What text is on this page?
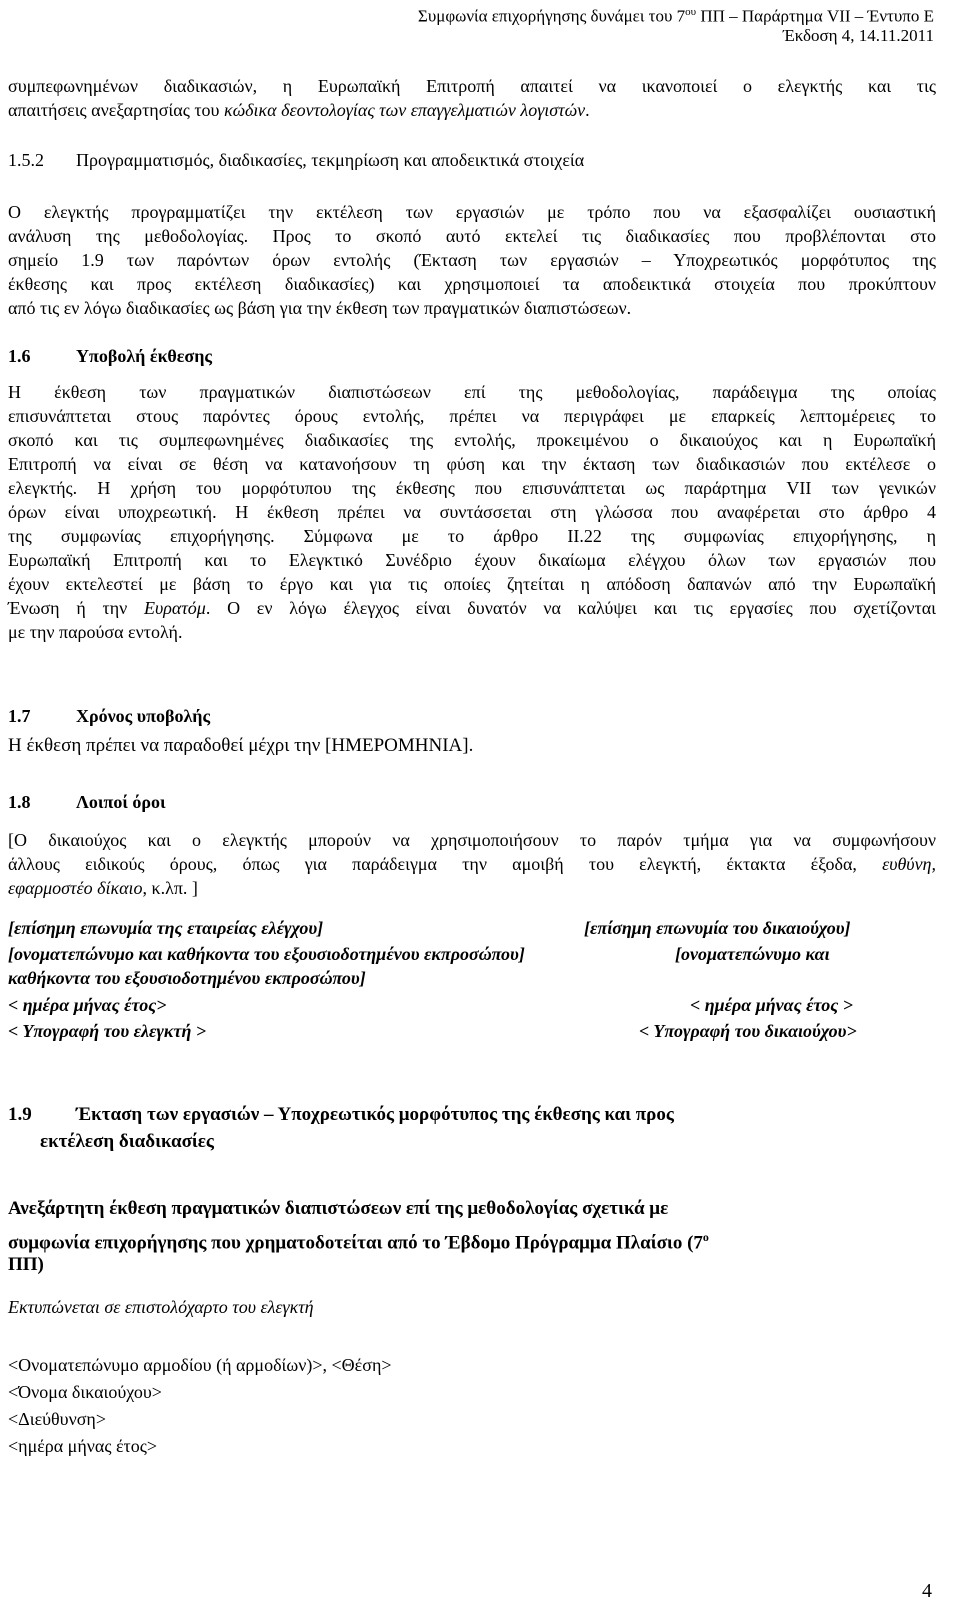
Συμφωνία επιχορήγησης δυνάμει του $7^{o\upsilon}$ ΠΠ – Παράρτημα VII – Έντυπο Ε
Έκδοση 4, 14.11.2011
συμπεφωνημένων διαδικασιών, η Ευρωπαϊκή Επιτροπή απαιτεί να ικανοποιεί ο ελεγκτής και τις
απαιτήσεις ανεξαρτησίας του κώδικα δεοντολογίας των επαγγελματιών λογιστών.
1.5.2 Προγραμματισμός, διαδικασίες, τεκμηρίωση και αποδεικτικά στοιχεία
Ο ελεγκτής προγραμματίζει την εκτέλεση των εργασιών με τρόπο που να εξασφαλίζει ουσιαστική
ανάλυση της μεθοδολογίας. Προς το σκοπό αυτό εκτελεί τις διαδικασίες που προβλέπονται στο
σημείο 1.9 των παρόντων όρων εντολής (Έκταση των εργασιών – Υποχρεωτικός μορφότυπος της
έκθεσης και προς εκτέλεση διαδικασίες) και χρησιμοποιεί τα αποδεικτικά στοιχεία που προκύπτουν
από τις εν λόγω διαδικασίες ως βάση για την έκθεση των πραγματικών διαπιστώσεων.
1.6	Υποβολή έκθεσης
Η έκθεση των πραγματικών διαπιστώσεων επί της μεθοδολογίας, παράδειγμα της οποίας
επισυνάπτεται στους παρόντες όρους εντολής, πρέπει να περιγράφει με επαρκείς λεπτομέρειες το
σκοπό και τις συμπεφωνημένες διαδικασίες της εντολής, προκειμένου ο δικαιούχος και η Ευρωπαϊκή
Επιτροπή να είναι σε θέση να κατανοήσουν τη φύση και την έκταση των διαδικασιών που εκτέλεσε ο
ελεγκτής. Η χρήση του μορφότυπου της έκθεσης που επισυνάπτεται ως παράρτημα VII των γενικών
όρων είναι υποχρεωτική. Η έκθεση πρέπει να συντάσσεται στη γλώσσα που αναφέρεται στο άρθρο 4
της συμφωνίας επιχορήγησης. Σύμφωνα με το άρθρο II.22 της συμφωνίας επιχορήγησης, η
Ευρωπαϊκή Επιτροπή και το Ελεγκτικό Συνέδριο έχουν δικαίωμα ελέγχου όλων των εργασιών που
έχουν εκτελεστεί με βάση το έργο και για τις οποίες ζητείται η απόδοση δαπανών από την Ευρωπαϊκή
Ένωση ή την Ευρατόμ. Ο εν λόγω έλεγχος είναι δυνατόν να καλύψει και τις εργασίες που σχετίζονται
με την παρούσα εντολή.
1.7	Χρόνος υποβολής
Η έκθεση πρέπει να παραδοθεί μέχρι την [ΗΜΕΡΟΜΗΝΙΑ].
1.8	Λοιποί όροι
[Ο δικαιούχος και ο ελεγκτής μπορούν να χρησιμοποιήσουν το παρόν τμήμα για να συμφωνήσουν
άλλους ειδικούς όρους, όπως για παράδειγμα την αμοιβή του ελεγκτή, έκτακτα έξοδα, ευθύνη,
εφαρμοστέο δίκαιο, κ.λπ. ]
[επίσημη επωνυμία της εταιρείας ελέγχου]	[επίσημη επωνυμία του δικαιούχου]
[ονοματεπώνυμο και καθήκοντα του εξουσιοδοτημένου εκπροσώπου]	[ονοματεπώνυμο και
καθήκοντα του εξουσιοδοτημένου εκπροσώπου]
< ημέρα μήνας έτος>	< ημέρα μήνας έτος >
< Υπογραφή του ελεγκτή >	< Υπογραφή του δικαιούχου>
1.9 Έκταση των εργασιών – Υποχρεωτικός μορφότυπος της έκθεσης και προς
εκτέλεση διαδικασίες
Ανεξάρτητη έκθεση πραγματικών διαπιστώσεων επί της μεθοδολογίας σχετικά με
συμφωνία επιχορήγησης που χρηματοδοτείται από το Έβδομο Πρόγραμμα Πλαίσιο ($7^o$
ΠΠ)
Εκτυπώνεται σε επιστολόχαρτο του ελεγκτή
<Ονοματεπώνυμο αρμοδίου (ή αρμοδίων)>, <Θέση>
<Όνομα δικαιούχου>
<Διεύθυνση>
<ημέρα μήνας έτος>
4
